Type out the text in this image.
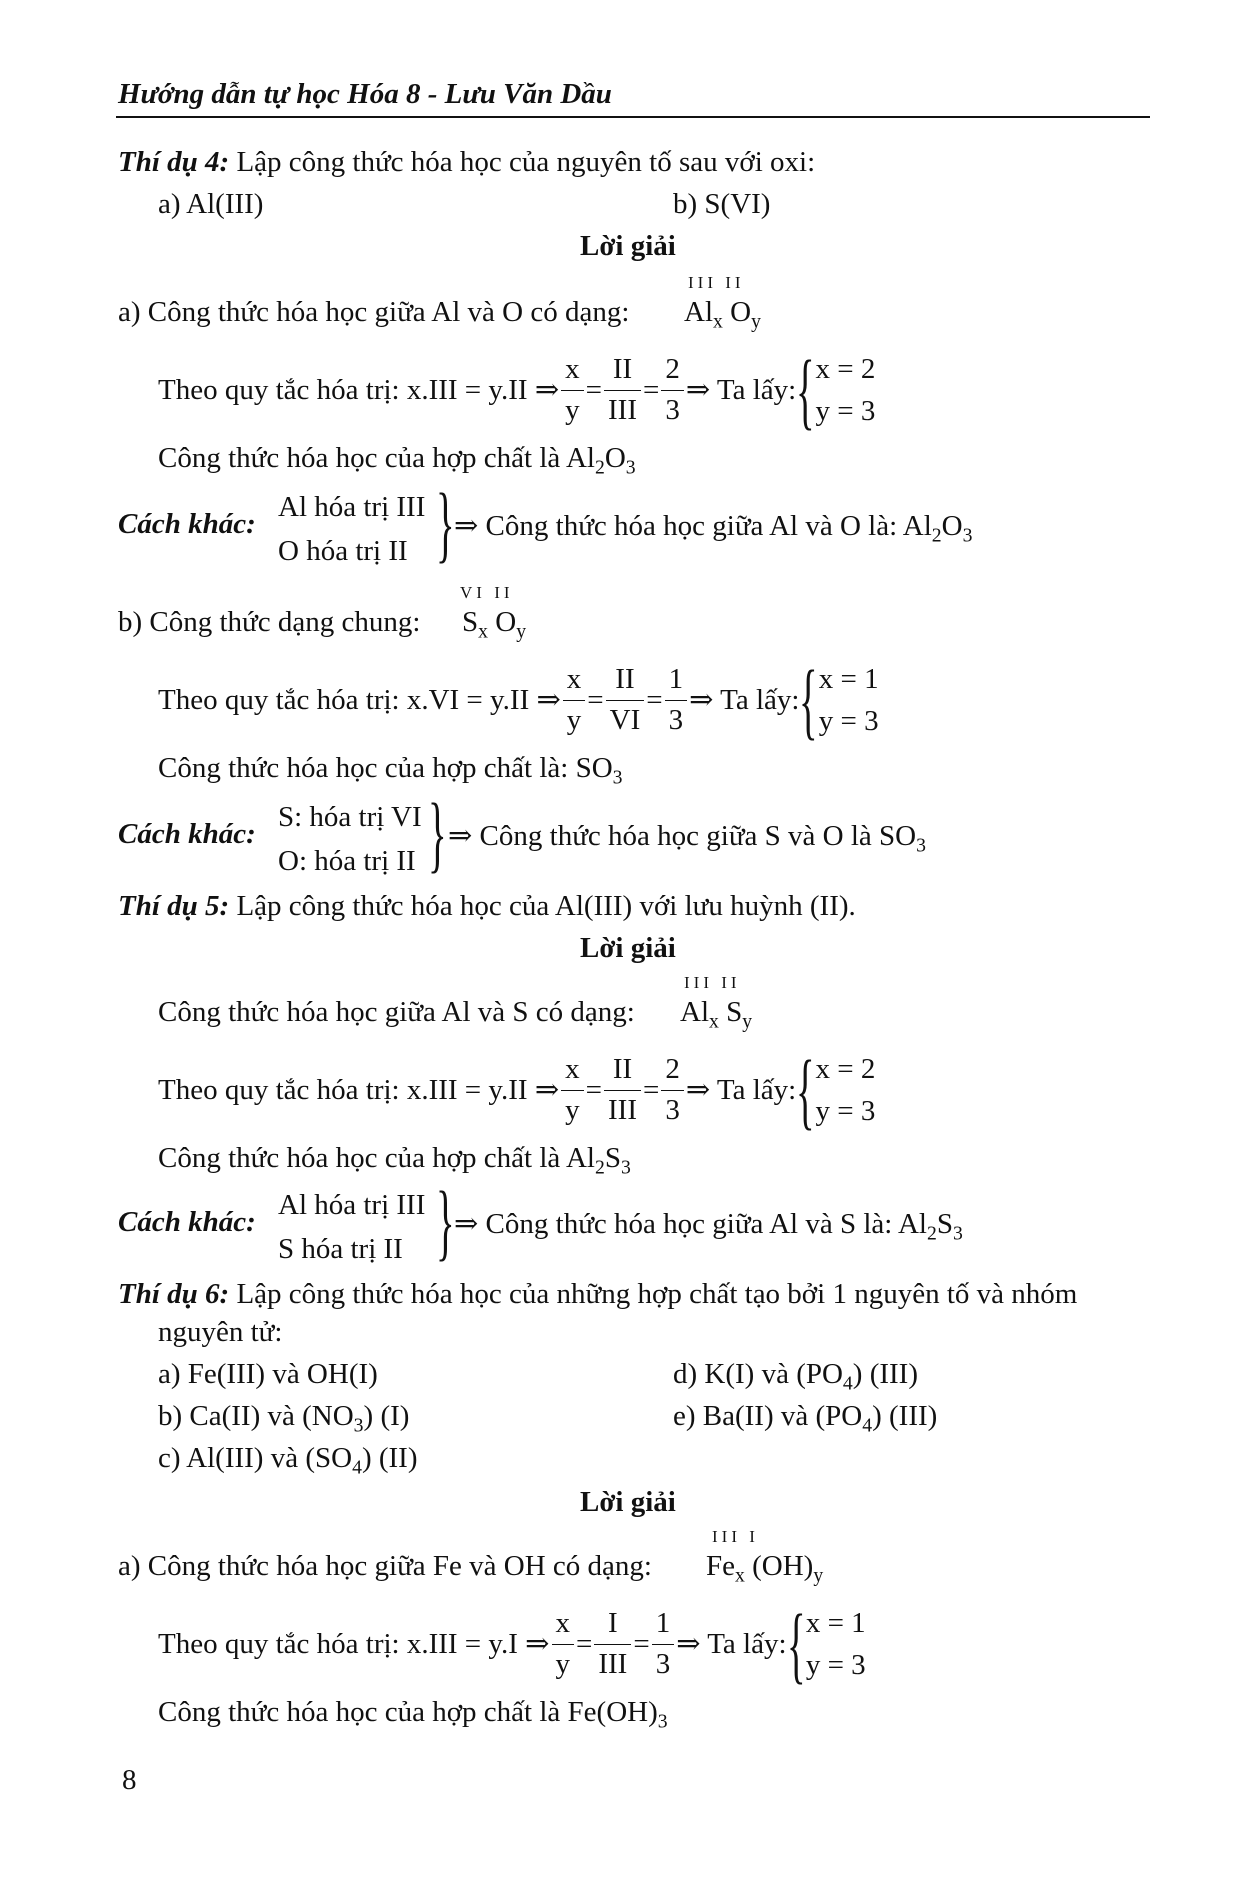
Hướng dẫn tự học Hóa 8 - Lưu Văn Dầu
Thí dụ 4: Lập công thức hóa học của nguyên tố sau với oxi:
a) Al(III)	b) S(VI)
Lời giải
a) Công thức hóa học giữa Al và O có dạng:
III II
$Al_x$ $O_y$
Theo quy tắc hóa trị: x.III = y.II ⇒ $\frac{x}{y} = \frac{II}{\text{III}} = \frac{2}{3}$ ⇒ Ta lấy: { x = 2
y = 3
Công thức hóa học của hợp chất là $Al_2O_3$
Cách khác:
Al hóa trị III
O hóa trị II } ⇒ Công thức hóa học giữa Al và O là: $Al_2O_3$
b) Công thức dạng chung:
VI II
$S_x$ $O_y$
Theo quy tắc hóa trị: x.VI = y.II ⇒ $\frac{x}{y} = \frac{II}{VI} = \frac{1}{3}$ ⇒ Ta lấy: { x = 1
y = 3
Công thức hóa học của hợp chất là: $SO_3$
Cách khác:
S: hóa trị VI
O: hóa trị II } ⇒ Công thức hóa học giữa S và O là $SO_3$
Thí dụ 5: Lập công thức hóa học của Al(III) với lưu huỳnh (II).
Lời giải
Công thức hóa học giữa Al và S có dạng:
III II
$Al_x$ $S_y$
Theo quy tắc hóa trị: x.III = y.II ⇒ $\frac{x}{y} = \frac{II}{\text{III}} = \frac{2}{3}$ ⇒ Ta lấy: { x = 2
y = 3
Công thức hóa học của hợp chất là $Al_2S_3$
Cách khác:
Al hóa trị III
S hóa trị II } ⇒ Công thức hóa học giữa Al và S là: $Al_2S_3$
Thí dụ 6: Lập công thức hóa học của những hợp chất tạo bởi 1 nguyên tố và nhóm
nguyên tử:
a) Fe(III) và OH(I)	d) K(I) và $(PO_4)$ (III)
b) Ca(II) và $(NO_3)$ (I)	e) Ba(II) và $(PO_4)$ (III)
c) Al(III) và $(SO_4)$ (II)
Lời giải
a) Công thức hóa học giữa Fe và OH có dạng:
III I
$Fe_x$ $(OH)_y$
Theo quy tắc hóa trị: x.III = y.I ⇒ $\frac{x}{y} = \frac{I}{\text{III}} = \frac{1}{3}$ ⇒ Ta lấy: { x = 1
y = 3
Công thức hóa học của hợp chất là $Fe(OH)_3$
8
